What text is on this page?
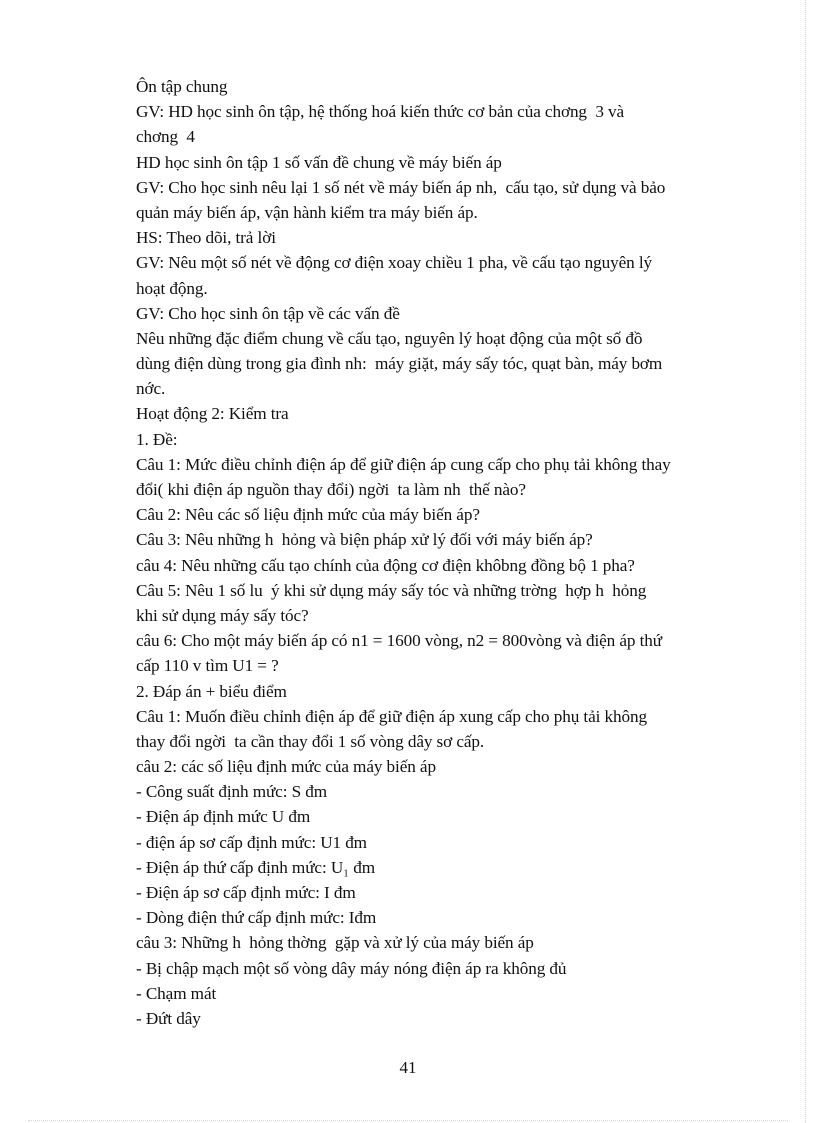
Ôn tập chung
GV: HD học sinh ôn tập, hệ thống hoá kiến thức cơ bản của chơng  3 và
chơng  4
HD học sinh ôn tập 1 số vấn đề chung về máy biến áp
GV: Cho học sinh nêu lại 1 số nét về máy biến áp nh,  cấu tạo, sử dụng và bảo
quản máy biến áp, vận hành kiểm tra máy biến áp.
HS: Theo dõi, trả lời
GV: Nêu một số nét về động cơ điện xoay chiều 1 pha, về cấu tạo nguyên lý
hoạt động.
GV: Cho học sinh ôn tập về các vấn đề
Nêu những đặc điểm chung về cấu tạo, nguyên lý hoạt động của một số đồ
dùng điện dùng trong gia đình nh:  máy giặt, máy sấy tóc, quạt bàn, máy bơm
nớc.
Hoạt động 2: Kiểm tra
1. Đề:
Câu 1: Mức điều chỉnh điện áp để giữ điện áp cung cấp cho phụ tải không thay
đổi( khi điện áp nguồn thay đổi) ngời  ta làm nh  thế nào?
Câu 2: Nêu các số liệu định mức của máy biến áp?
Câu 3: Nêu những h  hỏng và biện pháp xử lý đối với máy biến áp?
câu 4: Nêu những cấu tạo chính của động cơ điện khôbng đồng bộ 1 pha?
Câu 5: Nêu 1 số lu  ý khi sử dụng máy sấy tóc và những trờng  hợp h  hỏng
khi sử dụng máy sấy tóc?
câu 6: Cho một máy biến áp có n1 = 1600 vòng, n2 = 800vòng và điện áp thứ
cấp 110 v tìm U1 = ?
2. Đáp án + biểu điểm
Câu 1: Muốn điều chỉnh điện áp để giữ điện áp xung cấp cho phụ tải không
thay đổi ngời  ta cần thay đổi 1 số vòng dây sơ cấp.
câu 2: các số liệu định mức của máy biến áp
- Công suất định mức: S đm
- Điện áp định mức U đm
- điện áp sơ cấp định mức: U1 đm
- Điện áp thứ cấp định mức: U₁ đm
- Điện áp sơ cấp định mức: I đm
- Dòng điện thứ cấp định mức: Iđm
câu 3: Những h  hỏng thờng  gặp và xử lý của máy biến áp
- Bị chập mạch một số vòng dây máy nóng điện áp ra không đủ
- Chạm mát
- Đứt dây
41
